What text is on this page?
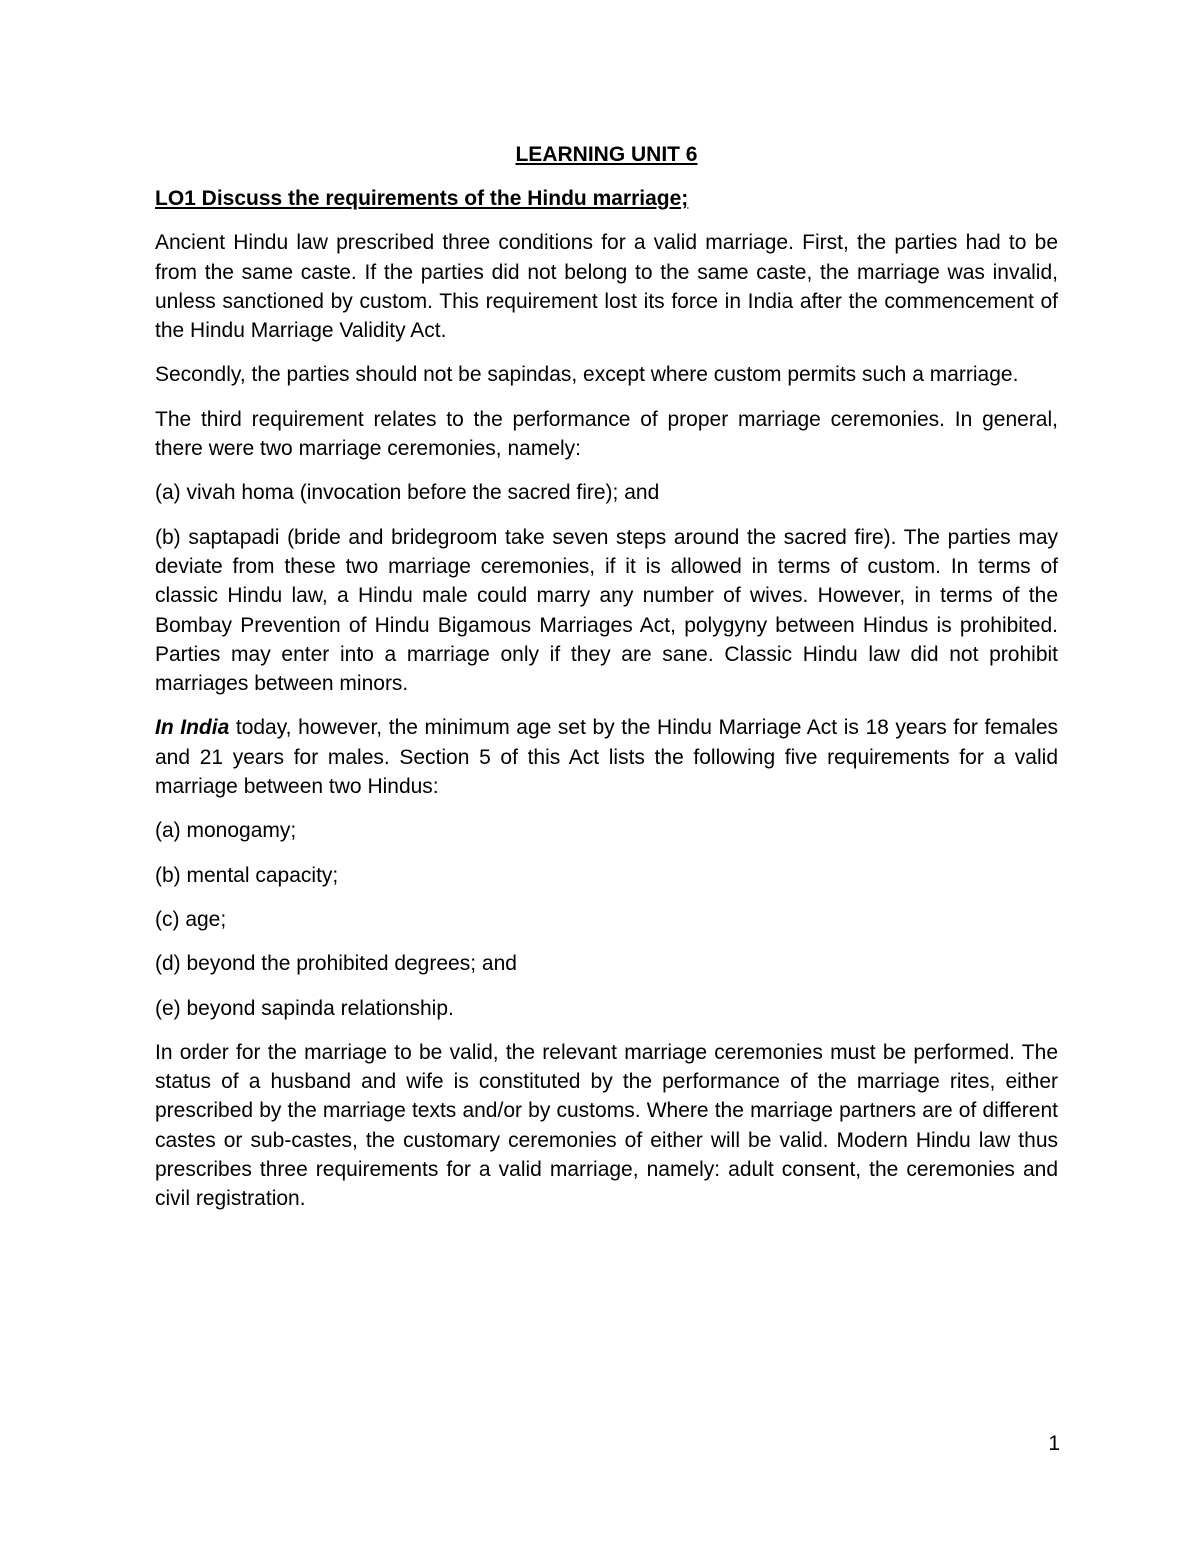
LEARNING UNIT 6
LO1 Discuss the requirements of the Hindu marriage;

Ancient Hindu law prescribed three conditions for a valid marriage. First, the parties had to be from the same caste. If the parties did not belong to the same caste, the marriage was invalid, unless sanctioned by custom. This requirement lost its force in India after the commencement of the Hindu Marriage Validity Act.

Secondly, the parties should not be sapindas, except where custom permits such a marriage.

The third requirement relates to the performance of proper marriage ceremonies. In general, there were two marriage ceremonies, namely:

(a) vivah homa (invocation before the sacred fire); and

(b) saptapadi (bride and bridegroom take seven steps around the sacred fire). The parties may deviate from these two marriage ceremonies, if it is allowed in terms of custom. In terms of classic Hindu law, a Hindu male could marry any number of wives. However, in terms of the Bombay Prevention of Hindu Bigamous Marriages Act, polygyny between Hindus is prohibited. Parties may enter into a marriage only if they are sane. Classic Hindu law did not prohibit marriages between minors.

In India today, however, the minimum age set by the Hindu Marriage Act is 18 years for females and 21 years for males. Section 5 of this Act lists the following five requirements for a valid marriage between two Hindus:

(a) monogamy;

(b) mental capacity;

(c) age;

(d) beyond the prohibited degrees; and

(e) beyond sapinda relationship.

In order for the marriage to be valid, the relevant marriage ceremonies must be performed. The status of a husband and wife is constituted by the performance of the marriage rites, either prescribed by the marriage texts and/or by customs. Where the marriage partners are of different castes or sub-castes, the customary ceremonies of either will be valid. Modern Hindu law thus prescribes three requirements for a valid marriage, namely: adult consent, the ceremonies and civil registration.

1
